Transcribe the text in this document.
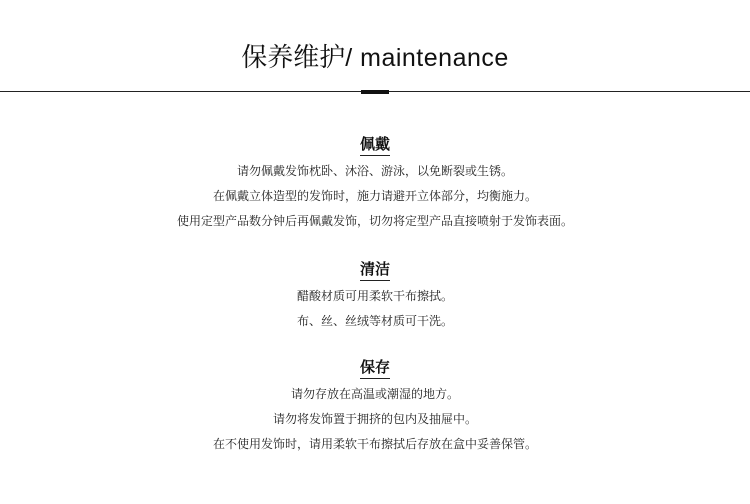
保养维护/ maintenance
佩戴
请勿佩戴发饰枕卧、沐浴、游泳，以免断裂或生锈。
在佩戴立体造型的发饰时，施力请避开立体部分，均衡施力。
使用定型产品数分钟后再佩戴发饰，切勿将定型产品直接喷射于发饰表面。
清洁
醋酸材质可用柔软干布擦拭。
布、丝、丝绒等材质可干洗。
保存
请勿存放在高温或潮湿的地方。
请勿将发饰置于拥挤的包内及抽屉中。
在不使用发饰时，请用柔软干布擦拭后存放在盒中妥善保管。
